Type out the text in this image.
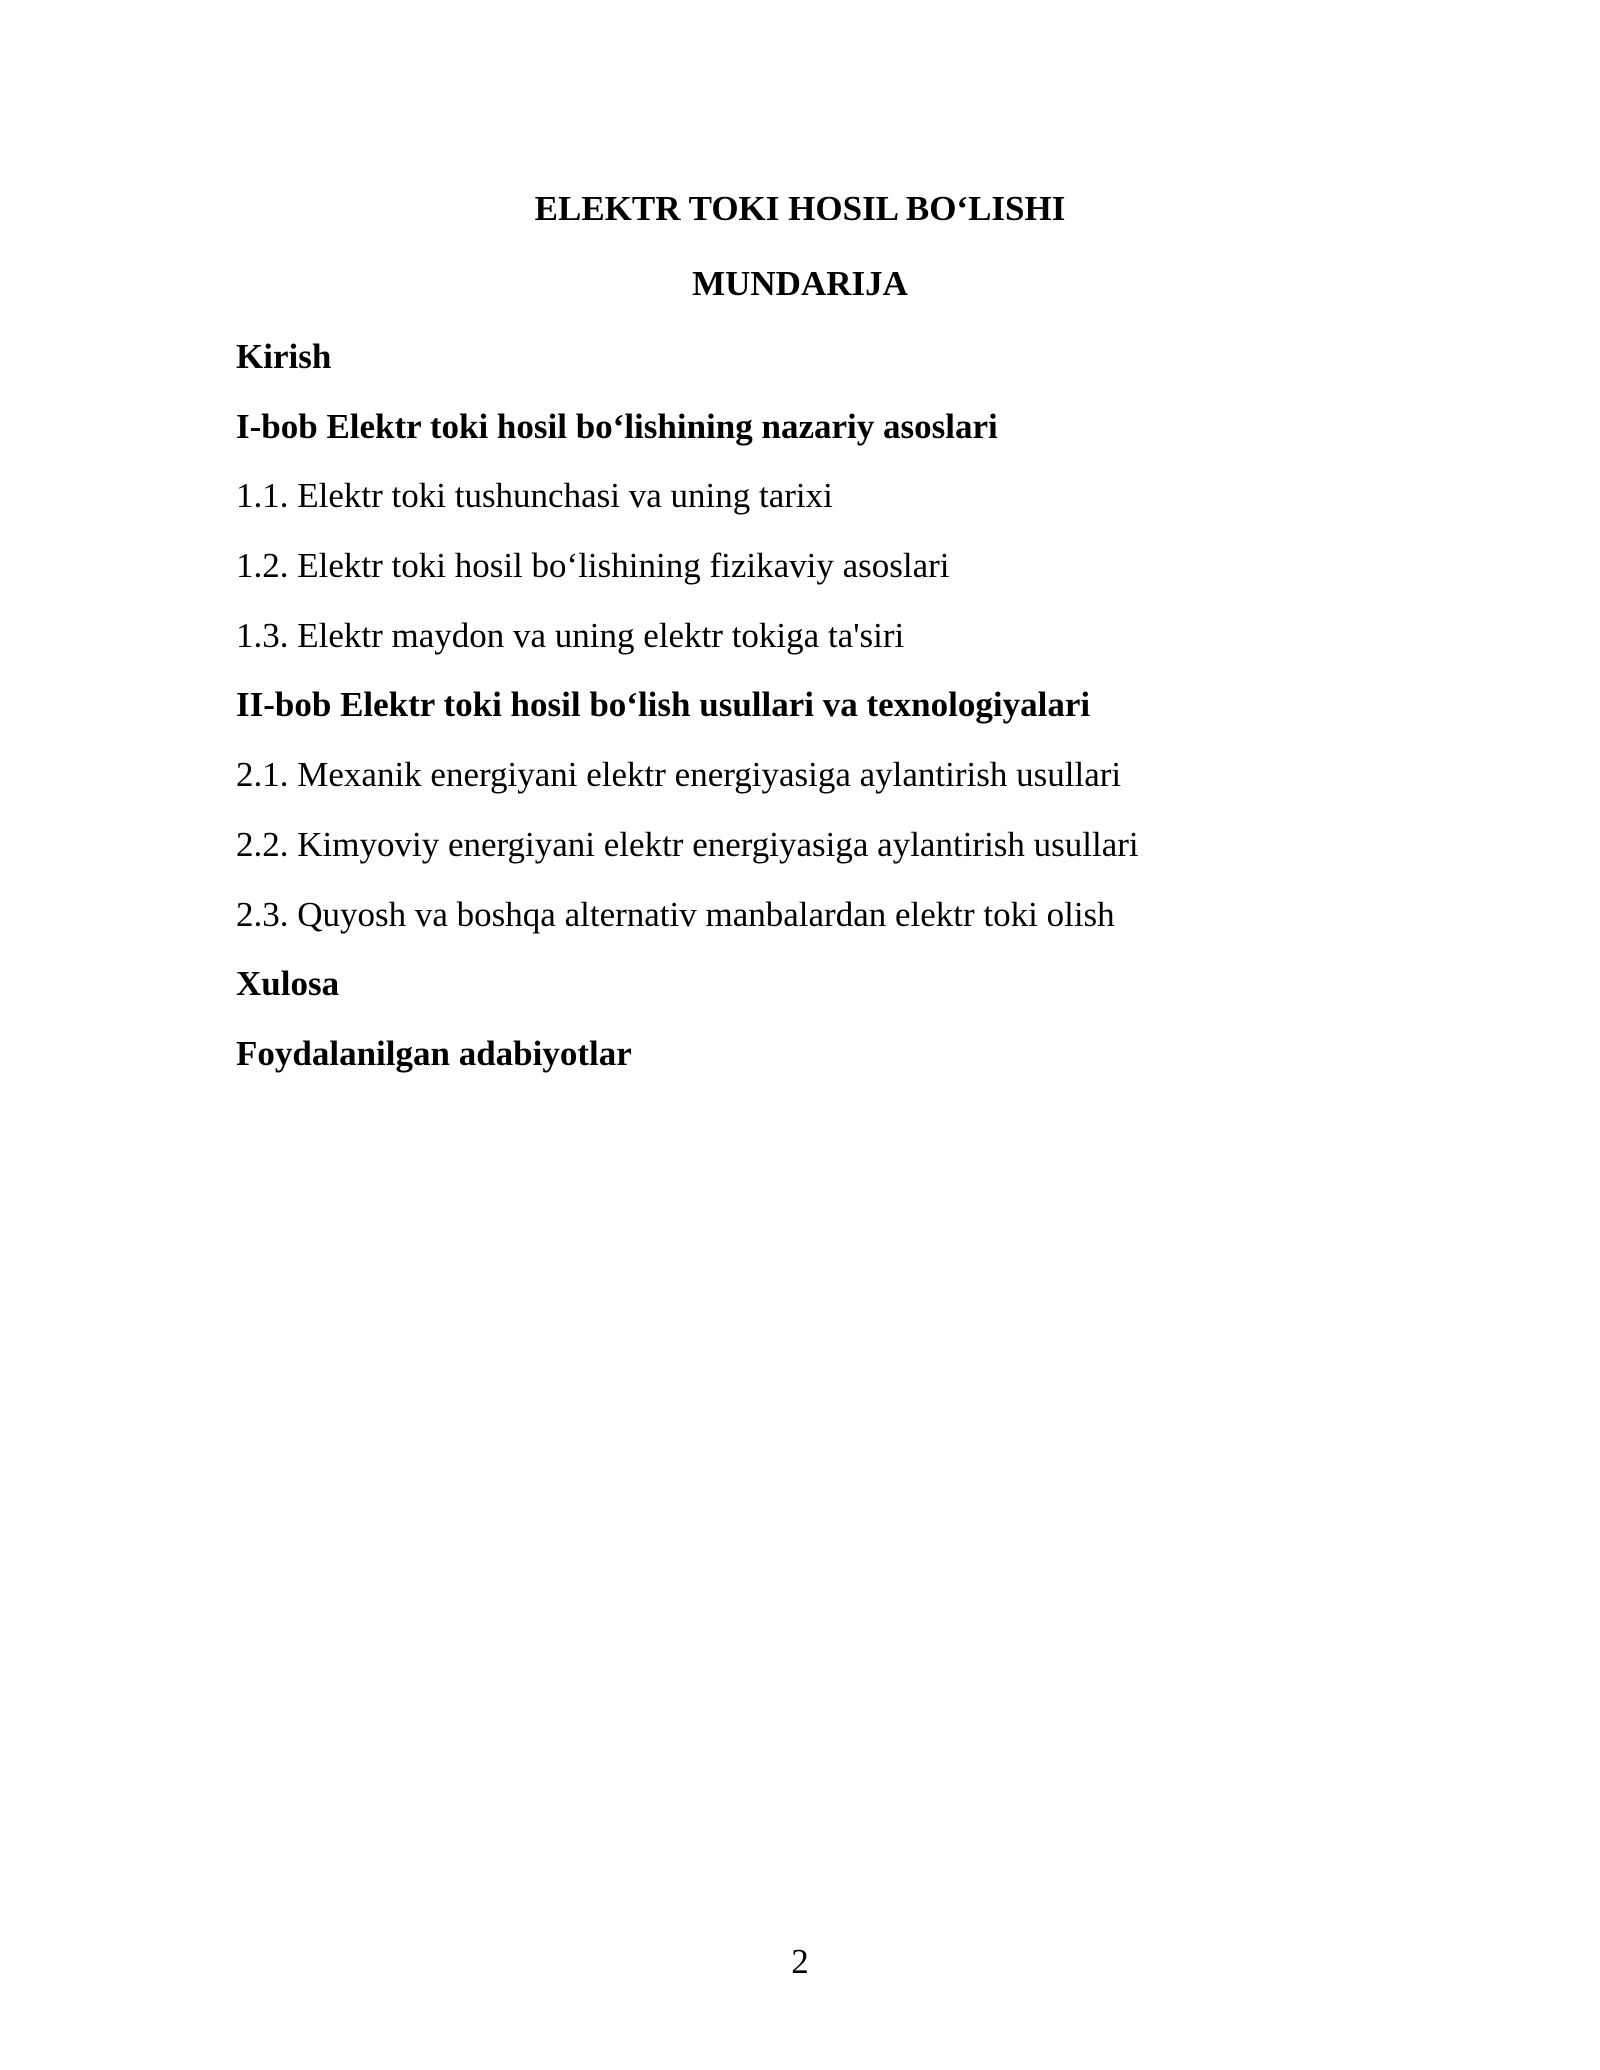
ELEKTR TOKI HOSIL BO‘LISHI
MUNDARIJA
Kirish
I-bob Elektr toki hosil bo‘lishining nazariy asoslari
1.1. Elektr toki tushunchasi va uning tarixi
1.2. Elektr toki hosil bo‘lishining fizikaviy asoslari
1.3. Elektr maydon va uning elektr tokiga ta'siri
II-bob Elektr toki hosil bo‘lish usullari va texnologiyalari
2.1. Mexanik energiyani elektr energiyasiga aylantirish usullari
2.2. Kimyoviy energiyani elektr energiyasiga aylantirish usullari
2.3. Quyosh va boshqa alternativ manbalardan elektr toki olish
Xulosa
Foydalanilgan adabiyotlar
2
